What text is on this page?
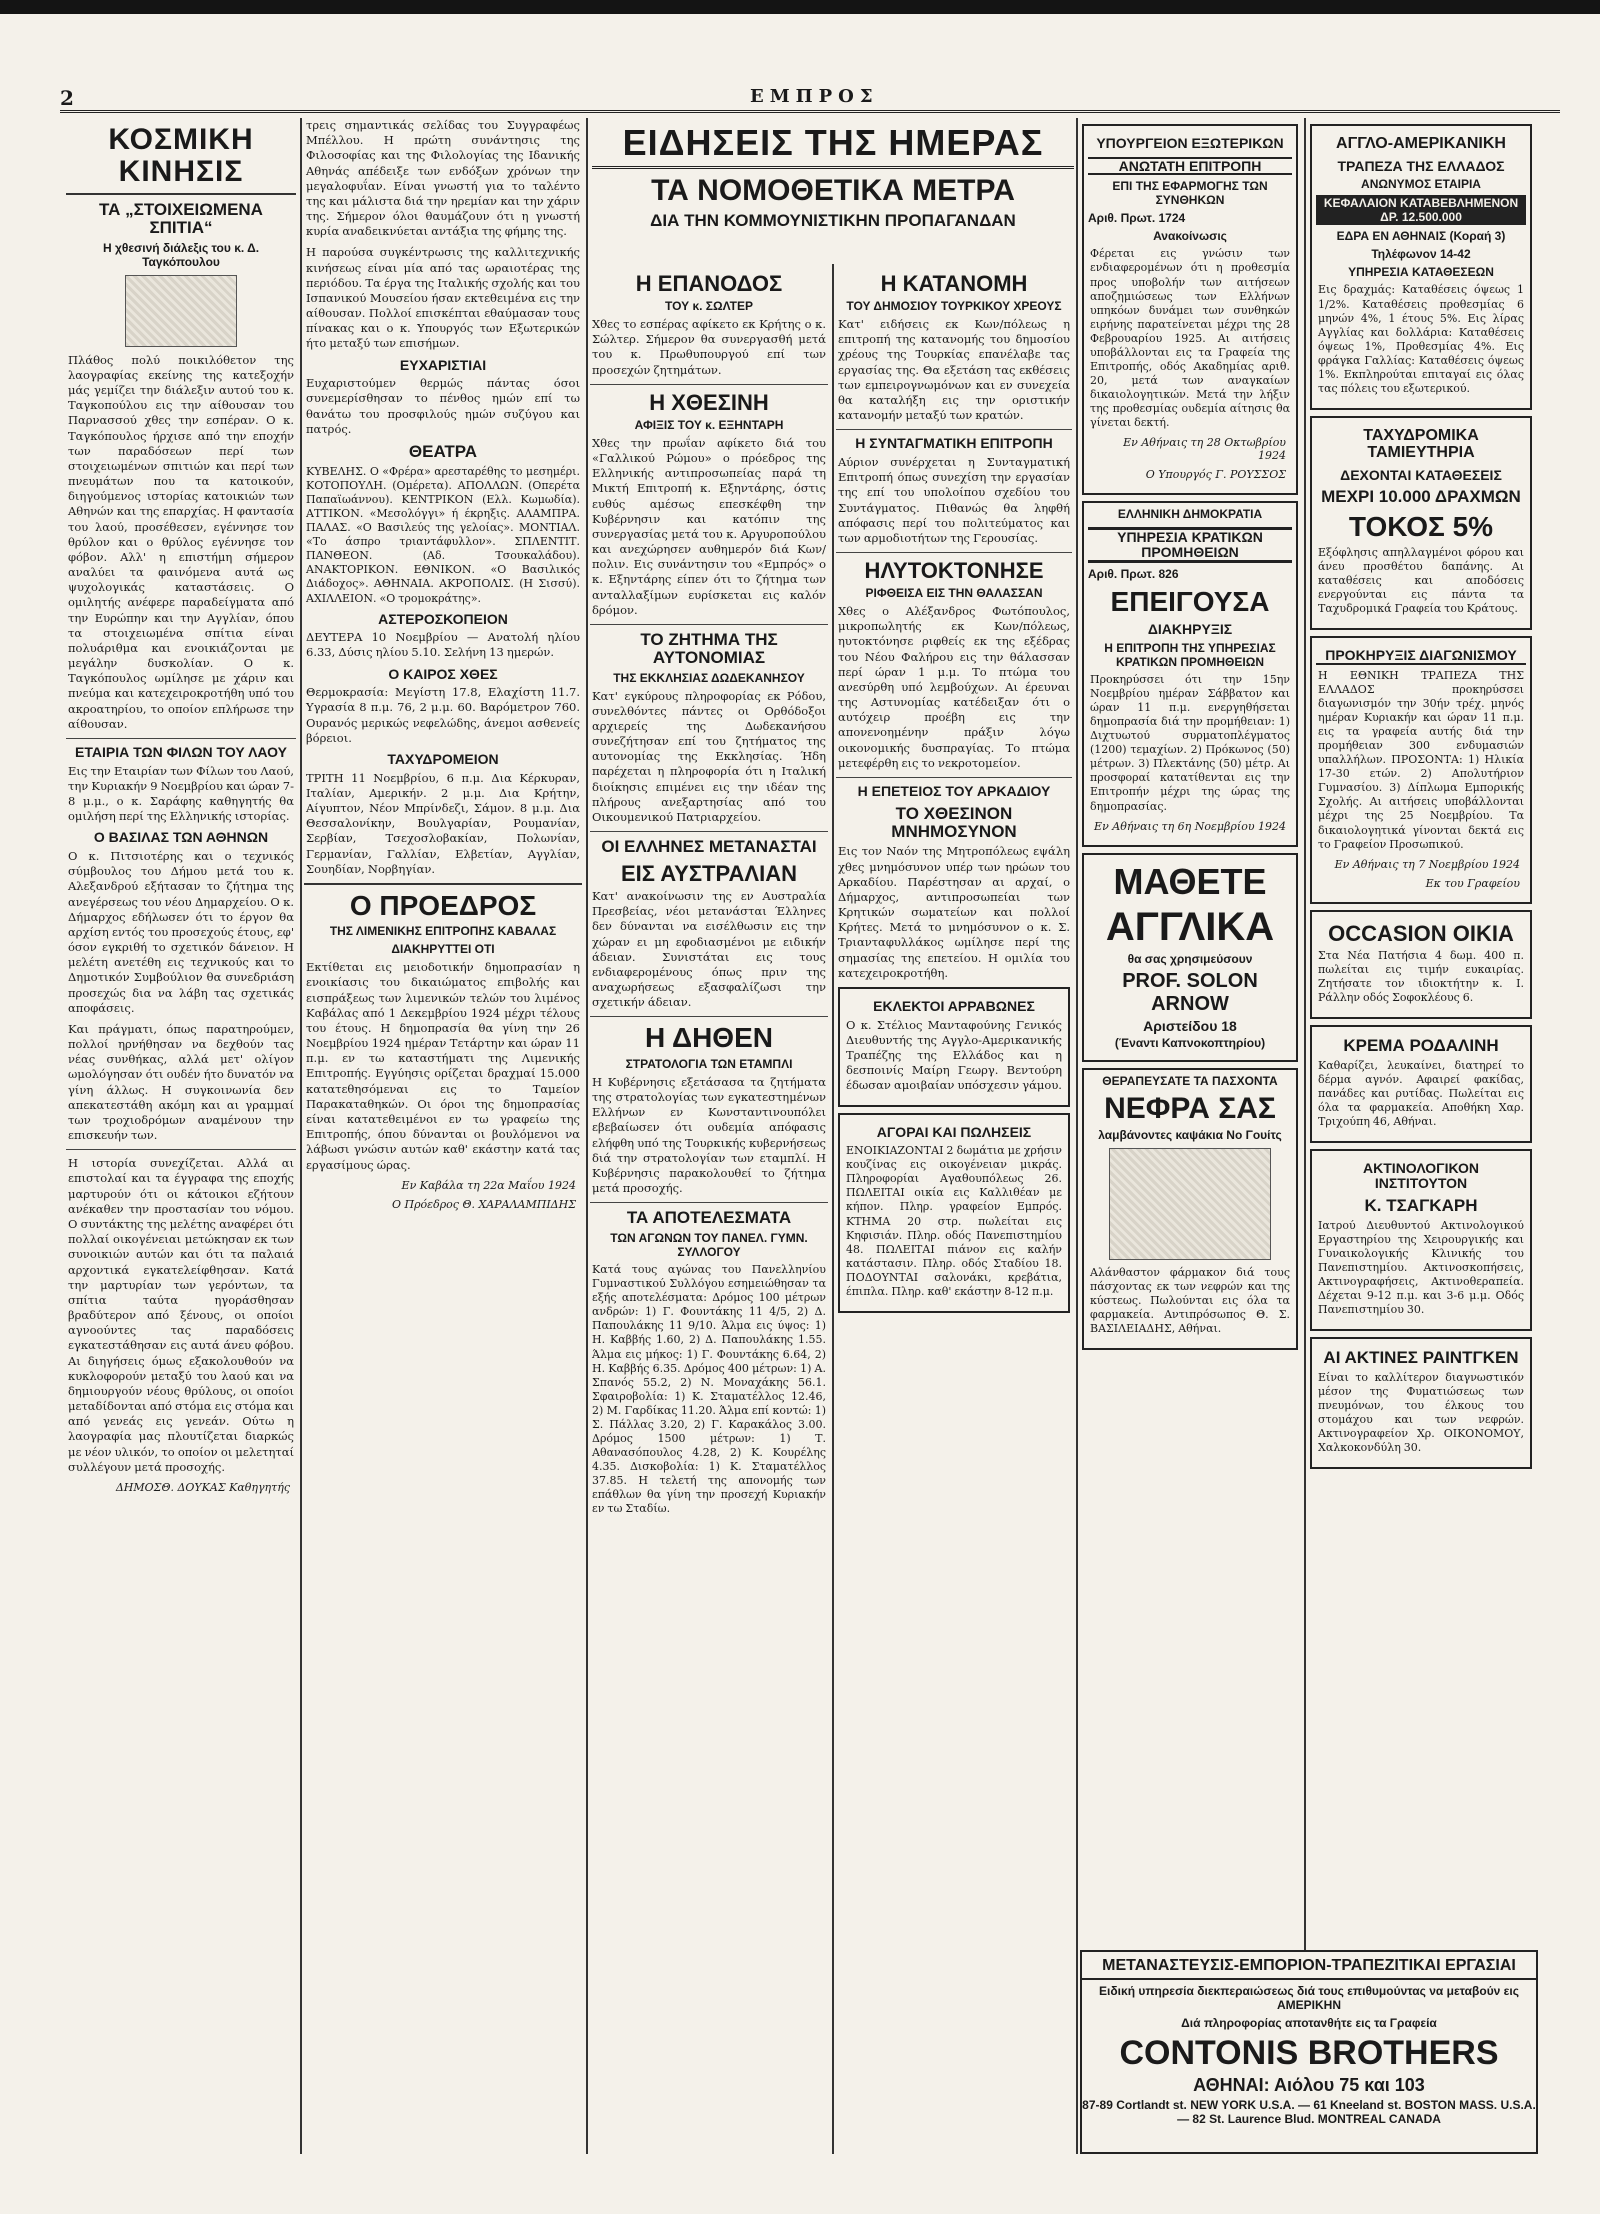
2	ΕΜΠΡΟΣ
ΚΟΣΜΙΚΗ ΚΙΝΗΣΙΣ
ΤΑ „ΣΤΟΙΧΕΙΩΜΕΝΑ ΣΠΙΤΙΑ“
Η χθεσινή διάλεξις του κ. Δ. Ταγκόπουλου

Πλάθος πολύ ποικιλόθετον της λαογραφίας εκείνης της κατεξοχήν μάς γεμίζει την διάλεξιν αυτού του κ. Ταγκοπούλου εις την αίθουσαν του Παρνασσού χθες την εσπέραν. Ο κ. Ταγκόπουλος ήρχισε από την εποχήν των παραδόσεων περί των στοιχειωμένων σπιτιών και περί των πνευμάτων που τα κατοικούν, διηγούμενος ιστορίας κατοικιών των Αθηνών και της επαρχίας. Η φαντασία του λαού, προσέθεσεν, εγέννησε τον θρύλον και ο θρύλος εγέννησε τον φόβον. Αλλ' η επιστήμη σήμερον αναλύει τα φαινόμενα αυτά ως ψυχολογικάς καταστάσεις. Ο ομιλητής ανέφερε παραδείγματα από την Ευρώπην και την Αγγλίαν, όπου τα στοιχειωμένα σπίτια είναι πολυάριθμα και ενοικιάζονται με μεγάλην δυσκολίαν. Ο κ. Ταγκόπουλος ωμίλησε με χάριν και πνεύμα και κατεχειροκροτήθη υπό του ακροατηρίου, το οποίον επλήρωσε την αίθουσαν.

ΕΤΑΙΡΙΑ ΤΩΝ ΦΙΛΩΝ ΤΟΥ ΛΑΟΥ

Εις την Εταιρίαν των Φίλων του Λαού, την Κυριακήν 9 Νοεμβρίου και ώραν 7-8 μ.μ., ο κ. Σαράφης καθηγητής θα ομιλήση περί της Ελληνικής ιστορίας.

Ο ΒΑΣΙΛΑΣ ΤΩΝ ΑΘΗΝΩΝ

Ο κ. Πιτσιοτέρης και ο τεχνικός σύμβουλος του Δήμου μετά του κ. Αλεξανδρού εξήτασαν το ζήτημα της ανεγέρσεως του νέου Δημαρχείου. Ο κ. Δήμαρχος εδήλωσεν ότι το έργον θα αρχίση εντός του προσεχούς έτους, εφ' όσον εγκριθή το σχετικόν δάνειον. Η μελέτη ανετέθη εις τεχνικούς και το Δημοτικόν Συμβούλιον θα συνεδριάση προσεχώς δια να λάβη τας σχετικάς αποφάσεις.

Και πράγματι, όπως παρατηρούμεν, πολλοί ηρνήθησαν να δεχθούν τας νέας συνθήκας, αλλά μετ' ολίγον ωμολόγησαν ότι ουδέν ήτο δυνατόν να γίνη άλλως. Η συγκοινωνία δεν απεκατεστάθη ακόμη και αι γραμμαί των τροχιοδρόμων αναμένουν την επισκευήν των.

Η ιστορία συνεχίζεται. Αλλά αι επιστολαί και τα έγγραφα της εποχής μαρτυρούν ότι οι κάτοικοι εζήτουν ανέκαθεν την προστασίαν του νόμου. Ο συντάκτης της μελέτης αναφέρει ότι πολλαί οικογένειαι μετώκησαν εκ των συνοικιών αυτών και ότι τα παλαιά αρχοντικά εγκατελείφθησαν. Κατά την μαρτυρίαν των γερόντων, τα σπίτια ταύτα ηγοράσθησαν βραδύτερον από ξένους, οι οποίοι αγνοούντες τας παραδόσεις εγκατεστάθησαν εις αυτά άνευ φόβου. Αι διηγήσεις όμως εξακολουθούν να κυκλοφορούν μεταξύ του λαού και να δημιουργούν νέους θρύλους, οι οποίοι μεταδίδονται από στόμα εις στόμα και από γενεάς εις γενεάν. Ούτω η λαογραφία μας πλουτίζεται διαρκώς με νέον υλικόν, το οποίον οι μελετηταί συλλέγουν μετά προσοχής.

ΔΗΜΟΣΘ. ΔΟΥΚΑΣ Καθηγητής

τρεις σημαντικάς σελίδας του Συγγραφέως Μπέλλου. Η πρώτη συνάντησις της Φιλοσοφίας και της Φιλολογίας της Ιδανικής Αθηνάς απέδειξε των ενδόξων χρόνων την μεγαλοφυΐαν. Είναι γνωστή για το ταλέντο της και μάλιστα διά την ηρεμίαν και την χάριν της. Σήμερον όλοι θαυμάζουν ότι η γνωστή κυρία αναδεικνύεται αντάξια της φήμης της.

Η παρούσα συγκέντρωσις της καλλιτεχνικής κινήσεως είναι μία από τας ωραιοτέρας της περιόδου. Τα έργα της Ιταλικής σχολής και του Ισπανικού Μουσείου ήσαν εκτεθειμένα εις την αίθουσαν. Πολλοί επισκέπται εθαύμασαν τους πίνακας και ο κ. Υπουργός των Εξωτερικών ήτο μεταξύ των επισήμων.

ΕΥΧΑΡΙΣΤΙΑΙ

Ευχαριστούμεν θερμώς πάντας όσοι συνεμερίσθησαν το πένθος ημών επί τω θανάτω του προσφιλούς ημών συζύγου και πατρός.

ΘΕΑΤΡΑ

ΚΥΒΕΛΗΣ. Ο «Φρέρα» αρεσταρέθης το μεσημέρι. ΚΟΤΟΠΟΥΛΗ. (Ομέρετα). ΑΠΟΛΛΩΝ. (Οπερέτα Παπαϊωάννου). ΚΕΝΤΡΙΚΟΝ (Ελλ. Κωμωδία). ΑΤΤΙΚΟΝ. «Μεσολόγγι» ή έκρηξις. ΑΛΑΜΠΡΑ. ΠΑΛΑΣ. «Ο Βασιλεύς της γελοίας». ΜΟΝΤΙΑΛ. «Το άσπρο τριαντάφυλλον». ΣΠΛΕΝΤΙΤ. ΠΑΝΘΕΟΝ. (Αδ. Τσουκαλάδου). ΑΝΑΚΤΟΡΙΚΟΝ. ΕΘΝΙΚΟΝ. «Ο Βασιλικός Διάδοχος». ΑΘΗΝΑΙΑ. ΑΚΡΟΠΟΛΙΣ. (Η Σισσύ). ΑΧΙΛΛΕΙΟΝ. «Ο τρομοκράτης».

ΑΣΤΕΡΟΣΚΟΠΕΙΟΝ

ΔΕΥΤΕΡΑ 10 Νοεμβρίου — Ανατολή ηλίου 6.33, Δύσις ηλίου 5.10. Σελήνη 13 ημερών.

Ο ΚΑΙΡΟΣ ΧΘΕΣ

Θερμοκρασία: Μεγίστη 17.8, Ελαχίστη 11.7. Υγρασία 8 π.μ. 76, 2 μ.μ. 60. Βαρόμετρον 760. Ουρανός μερικώς νεφελώδης, άνεμοι ασθενείς βόρειοι.

ΤΑΧΥΔΡΟΜΕΙΟΝ

ΤΡΙΤΗ 11 Νοεμβρίου, 6 π.μ. Δια Κέρκυραν, Ιταλίαν, Αμερικήν. 2 μ.μ. Δια Κρήτην, Αίγυπτον, Νέον Μπρίνδεζι, Σάμον. 8 μ.μ. Δια Θεσσαλονίκην, Βουλγαρίαν, Ρουμανίαν, Σερβίαν, Τσεχοσλοβακίαν, Πολωνίαν, Γερμανίαν, Γαλλίαν, Ελβετίαν, Αγγλίαν, Σουηδίαν, Νορβηγίαν.

Ο ΠΡΟΕΔΡΟΣ
ΤΗΣ ΛΙΜΕΝΙΚΗΣ ΕΠΙΤΡΟΠΗΣ ΚΑΒΑΛΑΣ
ΔΙΑΚΗΡΥΤΤΕΙ ΟΤΙ

Εκτίθεται εις μειοδοτικήν δημοπρασίαν η ενοικίασις του δικαιώματος επιβολής και εισπράξεως των λιμενικών τελών του λιμένος Καβάλας από 1 Δεκεμβρίου 1924 μέχρι τέλους του έτους. Η δημοπρασία θα γίνη την 26 Νοεμβρίου 1924 ημέραν Τετάρτην και ώραν 11 π.μ. εν τω καταστήματι της Λιμενικής Επιτροπής. Εγγύησις ορίζεται δραχμαί 15.000 κατατεθησόμεναι εις το Ταμείον Παρακαταθηκών. Οι όροι της δημοπρασίας είναι κατατεθειμένοι εν τω γραφείω της Επιτροπής, όπου δύνανται οι βουλόμενοι να λάβωσι γνώσιν αυτών καθ' εκάστην κατά τας εργασίμους ώρας.

Εν Καβάλα τη 22α Μαΐου 1924
Ο Πρόεδρος Θ. ΧΑΡΑΛΑΜΠΙΔΗΣ
Η ΕΠΑΝΟΔΟΣ
ΤΟΥ κ. ΣΩΛΤΕΡ

Χθες το εσπέρας αφίκετο εκ Κρήτης ο κ. Σώλτερ. Σήμερον θα συνεργασθή μετά του κ. Πρωθυπουργού επί των προσεχών ζητημάτων.

Η ΧΘΕΣΙΝΗ
ΑΦΙΞΙΣ ΤΟΥ κ. ΕΞΗΝΤΑΡΗ

Χθες την πρωΐαν αφίκετο διά του «Γαλλικού Ρώμου» ο πρόεδρος της Ελληνικής αντιπροσωπείας παρά τη Μικτή Επιτροπή κ. Εξηντάρης, όστις ευθύς αμέσως επεσκέφθη την Κυβέρνησιν και κατόπιν της συνεργασίας μετά του κ. Αργυροπούλου και ανεχώρησεν αυθημερόν διά Κων/πολιν. Εις συνάντησιν του «Εμπρός» ο κ. Εξηντάρης είπεν ότι το ζήτημα των ανταλλαξίμων ευρίσκεται εις καλόν δρόμον.

ΤΟ ΖΗΤΗΜΑ ΤΗΣ ΑΥΤΟΝΟΜΙΑΣ
ΤΗΣ ΕΚΚΛΗΣΙΑΣ ΔΩΔΕΚΑΝΗΣΟΥ

Κατ' εγκύρους πληροφορίας εκ Ρόδου, συνελθόντες πάντες οι Ορθόδοξοι αρχιερείς της Δωδεκανήσου συνεζήτησαν επί του ζητήματος της αυτονομίας της Εκκλησίας. Ήδη παρέχεται η πληροφορία ότι η Ιταλική διοίκησις επιμένει εις την ιδέαν της πλήρους ανεξαρτησίας από του Οικουμενικού Πατριαρχείου.

ΟΙ ΕΛΛΗΝΕΣ ΜΕΤΑΝΑΣΤΑΙ
ΕΙΣ ΑΥΣΤΡΑΛΙΑΝ

Κατ' ανακοίνωσιν της εν Αυστραλία Πρεσβείας, νέοι μετανάσται Έλληνες δεν δύνανται να εισέλθωσιν εις την χώραν ει μη εφοδιασμένοι με ειδικήν άδειαν. Συνιστάται εις τους ενδιαφερομένους όπως πριν της αναχωρήσεως εξασφαλίζωσι την σχετικήν άδειαν.

Η ΔΗΘΕΝ
ΣΤΡΑΤΟΛΟΓΙΑ ΤΩΝ ΕΤΑΜΠΛΙ

Η Κυβέρνησις εξετάσασα τα ζητήματα της στρατολογίας των εγκατεστημένων Ελλήνων εν Κωνσταντινουπόλει εβεβαίωσεν ότι ουδεμία απόφασις ελήφθη υπό της Τουρκικής κυβερνήσεως διά την στρατολογίαν των εταμπλί. Η Κυβέρνησις παρακολουθεί το ζήτημα μετά προσοχής.

ΤΑ ΑΠΟΤΕΛΕΣΜΑΤΑ
ΤΩΝ ΑΓΩΝΩΝ ΤΟΥ ΠΑΝΕΛ. ΓΥΜΝ. ΣΥΛΛΟΓΟΥ

Κατά τους αγώνας του Πανελληνίου Γυμναστικού Συλλόγου εσημειώθησαν τα εξής αποτελέσματα: Δρόμος 100 μέτρων ανδρών: 1) Γ. Φουντάκης 11 4/5, 2) Δ. Παπουλάκης 11 9/10. Άλμα εις ύψος: 1) Η. Καββής 1.60, 2) Δ. Παπουλάκης 1.55. Άλμα εις μήκος: 1) Γ. Φουντάκης 6.64, 2) Η. Καββής 6.35. Δρόμος 400 μέτρων: 1) Α. Σπανός 55.2, 2) Ν. Μοναχάκης 56.1. Σφαιροβολία: 1) Κ. Σταματέλλος 12.46, 2) Μ. Γαρδίκας 11.20. Άλμα επί κοντώ: 1) Σ. Πάλλας 3.20, 2) Γ. Καρακάλος 3.00. Δρόμος 1500 μέτρων: 1) Τ. Αθανασόπουλος 4.28, 2) Κ. Κουρέλης 4.35. Δισκοβολία: 1) Κ. Σταματέλλος 37.85. Η τελετή της απονομής των επάθλων θα γίνη την προσεχή Κυριακήν εν τω Σταδίω.

ΕΙΔΗΣΕΙΣ ΤΗΣ ΗΜΕΡΑΣ
ΤΑ ΝΟΜΟΘΕΤΙΚΑ ΜΕΤΡΑ
ΔΙΑ ΤΗΝ ΚΟΜΜΟΥΝΙΣΤΙΚΗΝ ΠΡΟΠΑΓΑΝΔΑΝ
Η ΚΑΤΑΝΟΜΗ
ΤΟΥ ΔΗΜΟΣΙΟΥ ΤΟΥΡΚΙΚΟΥ ΧΡΕΟΥΣ

Κατ' ειδήσεις εκ Κων/πόλεως η επιτροπή της κατανομής του δημοσίου χρέους της Τουρκίας επανέλαβε τας εργασίας της. Θα εξετάση τας εκθέσεις των εμπειρογνωμόνων και εν συνεχεία θα καταλήξη εις την οριστικήν κατανομήν μεταξύ των κρατών.

Η ΣΥΝΤΑΓΜΑΤΙΚΗ ΕΠΙΤΡΟΠΗ

Αύριον συνέρχεται η Συνταγματική Επιτροπή όπως συνεχίση την εργασίαν της επί του υπολοίπου σχεδίου του Συντάγματος. Πιθανώς θα ληφθή απόφασις περί του πολιτεύματος και των αρμοδιοτήτων της Γερουσίας.

ΗΛΥΤΟΚΤΟΝΗΣΕ
ΡΙΦΘΕΙΣΑ ΕΙΣ ΤΗΝ ΘΑΛΑΣΣΑΝ

Χθες ο Αλέξανδρος Φωτόπουλος, μικροπωλητής εκ Κων/πόλεως, ηυτοκτόνησε ριφθείς εκ της εξέδρας του Νέου Φαλήρου εις την θάλασσαν περί ώραν 1 μ.μ. Το πτώμα του ανεσύρθη υπό λεμβούχων. Αι έρευναι της Αστυνομίας κατέδειξαν ότι ο αυτόχειρ προέβη εις την απονενοημένην πράξιν λόγω οικονομικής δυσπραγίας. Το πτώμα μετεφέρθη εις το νεκροτομείον.

Η ΕΠΕΤΕΙΟΣ ΤΟΥ ΑΡΚΑΔΙΟΥ
ΤΟ ΧΘΕΣΙΝΟΝ ΜΝΗΜΟΣΥΝΟΝ

Εις τον Ναόν της Μητροπόλεως εψάλη χθες μνημόσυνον υπέρ των ηρώων του Αρκαδίου. Παρέστησαν αι αρχαί, ο Δήμαρχος, αντιπροσωπείαι των Κρητικών σωματείων και πολλοί Κρήτες. Μετά το μνημόσυνον ο κ. Σ. Τριανταφυλλάκος ωμίλησε περί της σημασίας της επετείου. Η ομιλία του κατεχειροκροτήθη.

ΕΚΛΕΚΤΟΙ ΑΡΡΑΒΩΝΕΣ

Ο κ. Στέλιος Μανταφούνης Γενικός Διευθυντής της Αγγλο-Αμερικανικής Τραπέζης της Ελλάδος και η δεσποινίς Μαίρη Γεωργ. Βεντούρη έδωσαν αμοιβαίαν υπόσχεσιν γάμου.

ΑΓΟΡΑΙ ΚΑΙ ΠΩΛΗΣΕΙΣ

ΕΝΟΙΚΙΑΖΟΝΤΑΙ 2 δωμάτια με χρήσιν κουζίνας εις οικογένειαν μικράς. Πληροφορίαι Αγαθουπόλεως 26. ΠΩΛΕΙΤΑΙ οικία εις Καλλιθέαν με κήπον. Πληρ. γραφείον Εμπρός. ΚΤΗΜΑ 20 στρ. πωλείται εις Κηφισιάν. Πληρ. οδός Πανεπιστημίου 48. ΠΩΛΕΙΤΑΙ πιάνον εις καλήν κατάστασιν. Πληρ. οδός Σταδίου 18. ΠΟΔΟΥΝΤΑΙ σαλονάκι, κρεβάτια, έπιπλα. Πληρ. καθ' εκάστην 8-12 π.μ.

ΥΠΟΥΡΓΕΙΟΝ ΕΞΩΤΕΡΙΚΩΝ
ΑΝΩΤΑΤΗ ΕΠΙΤΡΟΠΗ
ΕΠΙ ΤΗΣ ΕΦΑΡΜΟΓΗΣ ΤΩΝ ΣΥΝΘΗΚΩΝ
Αριθ. Πρωτ. 1724
Ανακοίνωσις

Φέρεται εις γνώσιν των ενδιαφερομένων ότι η προθεσμία προς υποβολήν των αιτήσεων αποζημιώσεως των Ελλήνων υπηκόων δυνάμει των συνθηκών ειρήνης παρατείνεται μέχρι της 28 Φεβρουαρίου 1925. Αι αιτήσεις υποβάλλονται εις τα Γραφεία της Επιτροπής, οδός Ακαδημίας αριθ. 20, μετά των αναγκαίων δικαιολογητικών. Μετά την λήξιν της προθεσμίας ουδεμία αίτησις θα γίνεται δεκτή.

Εν Αθήναις τη 28 Οκτωβρίου 1924
Ο Υπουργός Γ. ΡΟΥΣΣΟΣ
ΕΛΛΗΝΙΚΗ ΔΗΜΟΚΡΑΤΙΑ
ΥΠΗΡΕΣΙΑ ΚΡΑΤΙΚΩΝ ΠΡΟΜΗΘΕΙΩΝ
Αριθ. Πρωτ. 826
ΕΠΕΙΓΟΥΣΑ
ΔΙΑΚΗΡΥΞΙΣ
Η ΕΠΙΤΡΟΠΗ ΤΗΣ ΥΠΗΡΕΣΙΑΣ ΚΡΑΤΙΚΩΝ ΠΡΟΜΗΘΕΙΩΝ

Προκηρύσσει ότι την 15ην Νοεμβρίου ημέραν Σάββατον και ώραν 11 π.μ. ενεργηθήσεται δημοπρασία διά την προμήθειαν: 1) Διχτυωτού συρματοπλέγματος (1200) τεμαχίων. 2) Πρόκωνος (50) μέτρων. 3) Πλεκτάνης (50) μέτρ. Αι προσφοραί κατατίθενται εις την Επιτροπήν μέχρι της ώρας της δημοπρασίας.

Εν Αθήναις τη 6η Νοεμβρίου 1924
ΜΑΘΕΤΕ
ΑΓΓΛΙΚΑ
θα σας χρησιμεύσουν
PROF. SOLON ARNOW
Αριστείδου 18
(Έναντι Καπνοκοπτηρίου)
ΘΕΡΑΠΕΥΣΑΤΕ ΤΑ ΠΑΣΧΟΝΤΑ
ΝΕΦΡΑ ΣΑΣ
λαμβάνοντες καψάκια Νο Γουίτς

Αλάνθαστον φάρμακον διά τους πάσχοντας εκ των νεφρών και της κύστεως. Πωλούνται εις όλα τα φαρμακεία. Αντιπρόσωπος Θ. Σ. ΒΑΣΙΛΕΙΑΔΗΣ, Αθήναι.

ΑΓΓΛΟ-ΑΜΕΡΙΚΑΝΙΚΗ
ΤΡΑΠΕΖΑ ΤΗΣ ΕΛΛΑΔΟΣ
ΑΝΩΝΥΜΟΣ ΕΤΑΙΡΙΑ
ΚΕΦΑΛΑΙΟΝ ΚΑΤΑΒΕΒΛΗΜΕΝΟΝ ΔΡ. 12.500.000
ΕΔΡΑ ΕΝ ΑΘΗΝΑΙΣ (Κοραή 3)
Τηλέφωνον 14-42
ΥΠΗΡΕΣΙΑ ΚΑΤΑΘΕΣΕΩΝ

Εις δραχμάς: Καταθέσεις όψεως 1 1/2%. Καταθέσεις προθεσμίας 6 μηνών 4%, 1 έτους 5%. Εις λίρας Αγγλίας και δολλάρια: Καταθέσεις όψεως 1%, Προθεσμίας 4%. Εις φράγκα Γαλλίας: Καταθέσεις όψεως 1%. Εκπληρούται επιταγαί εις όλας τας πόλεις του εξωτερικού.

ΤΑΧΥΔΡΟΜΙΚΑ ΤΑΜΙΕΥΤΗΡΙΑ
ΔΕΧΟΝΤΑΙ ΚΑΤΑΘΕΣΕΙΣ
ΜΕΧΡΙ 10.000 ΔΡΑΧΜΩΝ
ΤΟΚΟΣ 5%

Εξόφλησις απηλλαγμένοι φόρου και άνευ προσθέτου δαπάνης. Αι καταθέσεις και αποδόσεις ενεργούνται εις πάντα τα Ταχυδρομικά Γραφεία του Κράτους.

ΠΡΟΚΗΡΥΞΙΣ ΔΙΑΓΩΝΙΣΜΟΥ

Η ΕΘΝΙΚΗ ΤΡΑΠΕΖΑ ΤΗΣ ΕΛΛΑΔΟΣ προκηρύσσει διαγωνισμόν την 30ήν τρέχ. μηνός ημέραν Κυριακήν και ώραν 11 π.μ. εις τα γραφεία αυτής διά την προμήθειαν 300 ενδυμασιών υπαλλήλων. ΠΡΟΣΟΝΤΑ: 1) Ηλικία 17-30 ετών. 2) Απολυτήριον Γυμνασίου. 3) Δίπλωμα Εμπορικής Σχολής. Αι αιτήσεις υποβάλλονται μέχρι της 25 Νοεμβρίου. Τα δικαιολογητικά γίνονται δεκτά εις το Γραφείον Προσωπικού.

Εν Αθήναις τη 7 Νοεμβρίου 1924
Εκ του Γραφείου
OCCASION ΟΙΚΙΑ

Στα Νέα Πατήσια 4 δωμ. 400 π. πωλείται εις τιμήν ευκαιρίας. Ζητήσατε τον ιδιοκτήτην κ. Ι. Ράλλην οδός Σοφοκλέους 6.

ΚΡΕΜΑ ΡΟΔΑΛΙΝΗ

Καθαρίζει, λευκαίνει, διατηρεί το δέρμα αγνόν. Αφαιρεί φακίδας, πανάδες και ρυτίδας. Πωλείται εις όλα τα φαρμακεία. Αποθήκη Χαρ. Τριχούπη 46, Αθήναι.

ΑΚΤΙΝΟΛΟΓΙΚΟΝ ΙΝΣΤΙΤΟΥΤΟΝ
Κ. ΤΣΑΓΚΑΡΗ

Ιατρού Διευθυντού Ακτινολογικού Εργαστηρίου της Χειρουργικής και Γυναικολογικής Κλινικής του Πανεπιστημίου. Ακτινοσκοπήσεις, Ακτινογραφήσεις, Ακτινοθεραπεία. Δέχεται 9-12 π.μ. και 3-6 μ.μ. Οδός Πανεπιστημίου 30.

ΑΙ ΑΚΤΙΝΕΣ ΡΑΙΝΤΓΚΕΝ

Είναι το καλλίτερον διαγνωστικόν μέσον της Φυματιώσεως των πνευμόνων, του έλκους του στομάχου και των νεφρών. Ακτινογραφείον Χρ. ΟΙΚΟΝΟΜΟΥ, Χαλκοκονδύλη 30.

ΜΕΤΑΝΑΣΤΕΥΣΙΣ-ΕΜΠΟΡΙΟΝ-ΤΡΑΠΕΖΙΤΙΚΑΙ ΕΡΓΑΣΙΑΙ
Ειδική υπηρεσία διεκπεραιώσεως διά τους επιθυμούντας να μεταβούν εις ΑΜΕΡΙΚΗΝ
Διά πληροφορίας αποτανθήτε εις τα Γραφεία
CONTONIS BROTHERS
ΑΘΗΝΑΙ: Αιόλου 75 και 103
87-89 Cortlandt st. NEW YORK U.S.A. — 61 Kneeland st. BOSTON MASS. U.S.A. — 82 St. Laurence Blud. MONTREAL CANADA
